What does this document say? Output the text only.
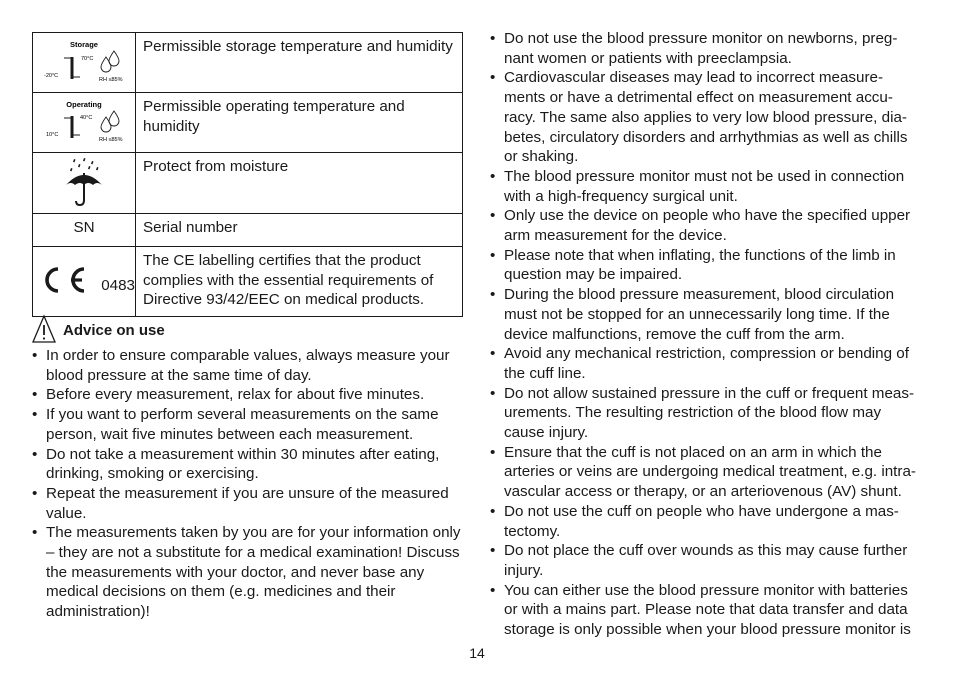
Storage
70°C
-20°C
RH ≤85%	Permissible storage temperature and humidity

Operating
40°C
10°C
RH ≤85%	Permissible operating temperature and humidity

	Protect from moisture

SN	Serial number

0483	The CE labelling certifies that the product complies with the essential requirements of Directive 93/42/EEC on medical products.
Advice on use
• In order to ensure comparable values, always measure your blood pressure at the same time of day.
• Before every measurement, relax for about five minutes.
• If you want to perform several measurements on the same person, wait five minutes between each measurement.
• Do not take a measurement within 30 minutes after eating, drinking, smoking or exercising.
• Repeat the measurement if you are unsure of the measured value.
• The measurements taken by you are for your information only – they are not a substitute for a medical examination! Discuss the measurements with your doctor, and never base any medical decisions on them (e.g. medicines and their administration)!
• Do not use the blood pressure monitor on newborns, preg-nant women or patients with preeclampsia.
• Cardiovascular diseases may lead to incorrect measure-ments or have a detrimental effect on measurement accu-racy. The same also applies to very low blood pressure, dia-betes, circulatory disorders and arrhythmias as well as chills or shaking.
• The blood pressure monitor must not be used in connection with a high-frequency surgical unit.
• Only use the device on people who have the specified upper arm measurement for the device.
• Please note that when inflating, the functions of the limb in question may be impaired.
• During the blood pressure measurement, blood circulation must not be stopped for an unnecessarily long time. If the device malfunctions, remove the cuff from the arm.
• Avoid any mechanical restriction, compression or bending of the cuff line.
• Do not allow sustained pressure in the cuff or frequent meas-urements. The resulting restriction of the blood flow may cause injury.
• Ensure that the cuff is not placed on an arm in which the arteries or veins are undergoing medical treatment, e.g. intra-vascular access or therapy, or an arteriovenous (AV) shunt.
• Do not use the cuff on people who have undergone a mas-tectomy.
• Do not place the cuff over wounds as this may cause further injury.
• You can either use the blood pressure monitor with batteries or with a mains part. Please note that data transfer and data storage is only possible when your blood pressure monitor is
14
